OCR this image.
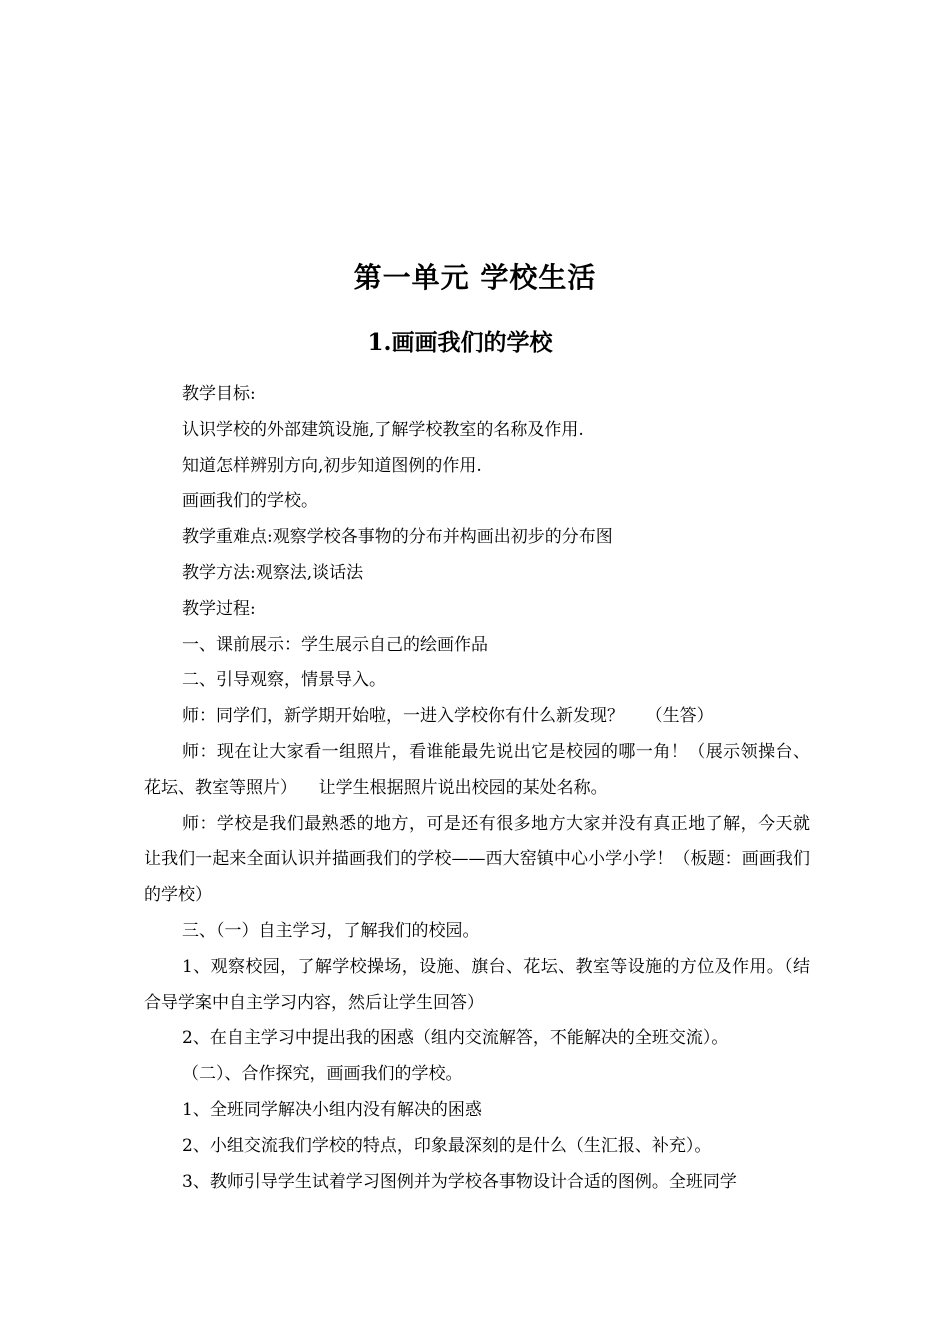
第一单元 学校生活
1.画画我们的学校

教学目标:

认识学校的外部建筑设施,了解学校教室的名称及作用.

知道怎样辨别方向,初步知道图例的作用.

画画我们的学校。

教学重难点:观察学校各事物的分布并构画出初步的分布图

教学方法:观察法,谈话法

教学过程:

一、课前展示：学生展示自己的绘画作品

二、引导观察，情景导入。

师：同学们，新学期开始啦，一进入学校你有什么新发现？    （生答）

师：现在让大家看一组照片，看谁能最先说出它是校园的哪一角！（展示领操台、花坛、教室等照片）    让学生根据照片说出校园的某处名称。

师：学校是我们最熟悉的地方，可是还有很多地方大家并没有真正地了解，今天就让我们一起来全面认识并描画我们的学校——西大窑镇中心小学小学！（板题：画画我们的学校）

三、（一）自主学习，了解我们的校园。

1、观察校园，了解学校操场，设施、旗台、花坛、教室等设施的方位及作用。（结合导学案中自主学习内容，然后让学生回答）

2、在自主学习中提出我的困惑（组内交流解答，不能解决的全班交流）。

（二）、合作探究，画画我们的学校。

1、全班同学解决小组内没有解决的困惑

2、小组交流我们学校的特点，印象最深刻的是什么（生汇报、补充）。

3、教师引导学生试着学习图例并为学校各事物设计合适的图例。全班同学
